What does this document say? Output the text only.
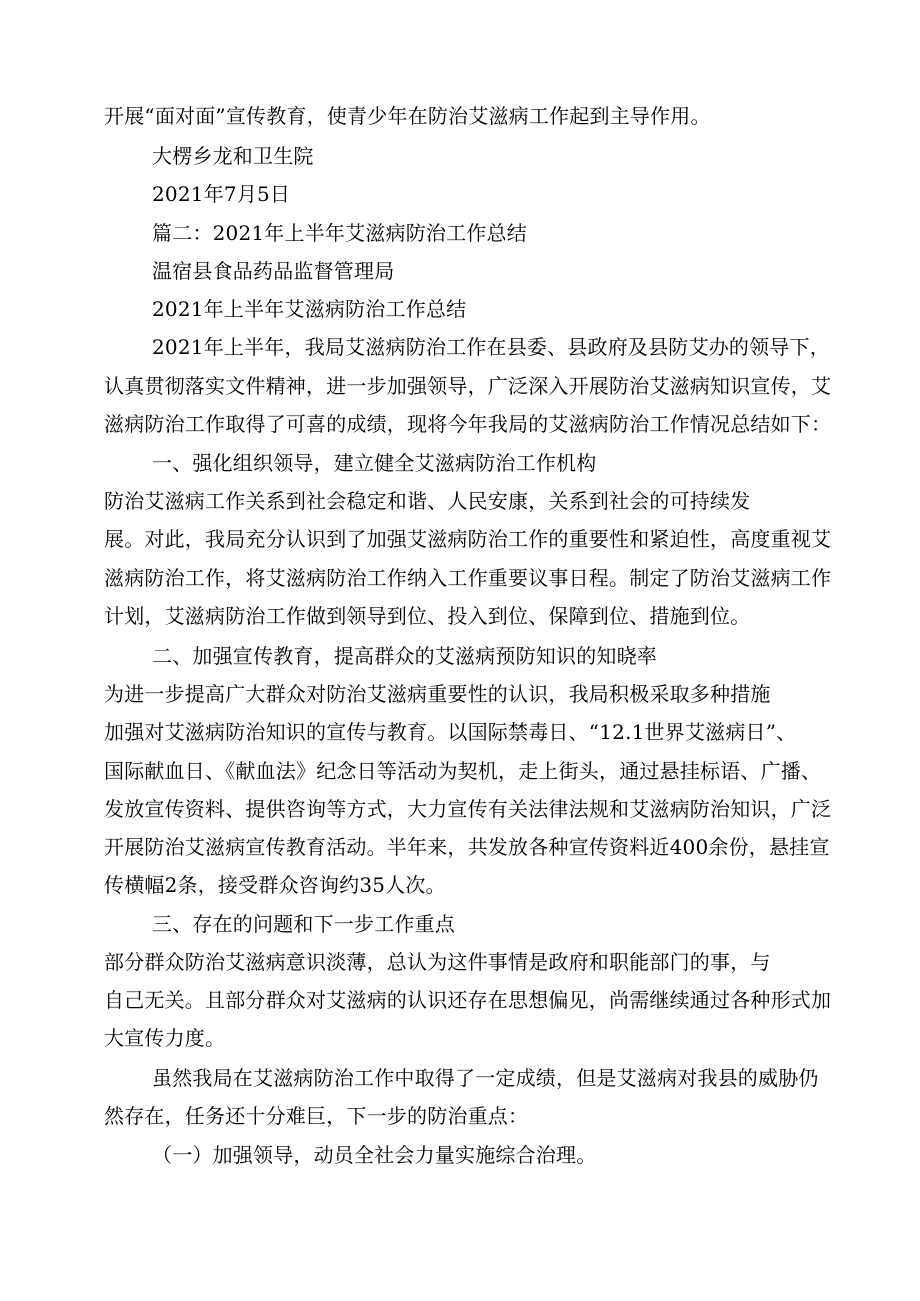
开展“面对面”宣传教育，使青少年在防治艾滋病工作起到主导作用。
大楞乡龙和卫生院
2021年7月5日
篇二：2021年上半年艾滋病防治工作总结
温宿县食品药品监督管理局
2021年上半年艾滋病防治工作总结
2021年上半年，我局艾滋病防治工作在县委、县政府及县防艾办的领导下，
认真贯彻落实文件精神，进一步加强领导，广泛深入开展防治艾滋病知识宣传，艾
滋病防治工作取得了可喜的成绩，现将今年我局的艾滋病防治工作情况总结如下：
一、强化组织领导，建立健全艾滋病防治工作机构
防治艾滋病工作关系到社会稳定和谐、人民安康，关系到社会的可持续发
展。对此，我局充分认识到了加强艾滋病防治工作的重要性和紧迫性，高度重视艾
滋病防治工作，将艾滋病防治工作纳入工作重要议事日程。制定了防治艾滋病工作
计划，艾滋病防治工作做到领导到位、投入到位、保障到位、措施到位。
二、加强宣传教育，提高群众的艾滋病预防知识的知晓率
为进一步提高广大群众对防治艾滋病重要性的认识，我局积极采取多种措施
加强对艾滋病防治知识的宣传与教育。以国际禁毒日、“12.1世界艾滋病日”、
国际献血日、《献血法》纪念日等活动为契机，走上街头，通过悬挂标语、广播、
发放宣传资料、提供咨询等方式，大力宣传有关法律法规和艾滋病防治知识，广泛
开展防治艾滋病宣传教育活动。半年来，共发放各种宣传资料近400余份，悬挂宣
传横幅2条，接受群众咨询约35人次。
三、存在的问题和下一步工作重点
部分群众防治艾滋病意识淡薄，总认为这件事情是政府和职能部门的事，与
自己无关。且部分群众对艾滋病的认识还存在思想偏见，尚需继续通过各种形式加
大宣传力度。
虽然我局在艾滋病防治工作中取得了一定成绩，但是艾滋病对我县的威胁仍
然存在，任务还十分难巨，下一步的防治重点：
（一）加强领导，动员全社会力量实施综合治理。
